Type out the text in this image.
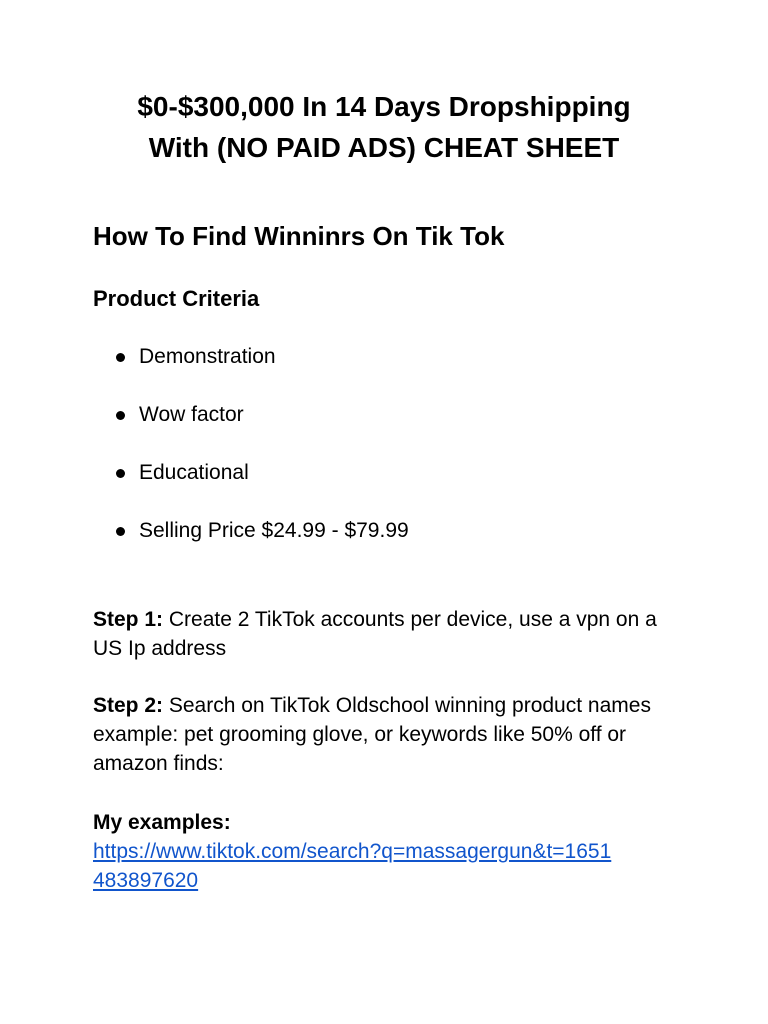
$0-$300,000 In 14 Days Dropshipping
With (NO PAID ADS) CHEAT SHEET
How To Find Winninrs On Tik Tok
Product Criteria
Demonstration
Wow factor
Educational
Selling Price $24.99 - $79.99

Step 1: Create 2 TikTok accounts per device, use a vpn on a US Ip address

Step 2: Search on TikTok Oldschool winning product names example: pet grooming glove, or keywords like 50% off or amazon finds:

My examples:
https://www.tiktok.com/search?q=massagergun&t=1651
483897620
